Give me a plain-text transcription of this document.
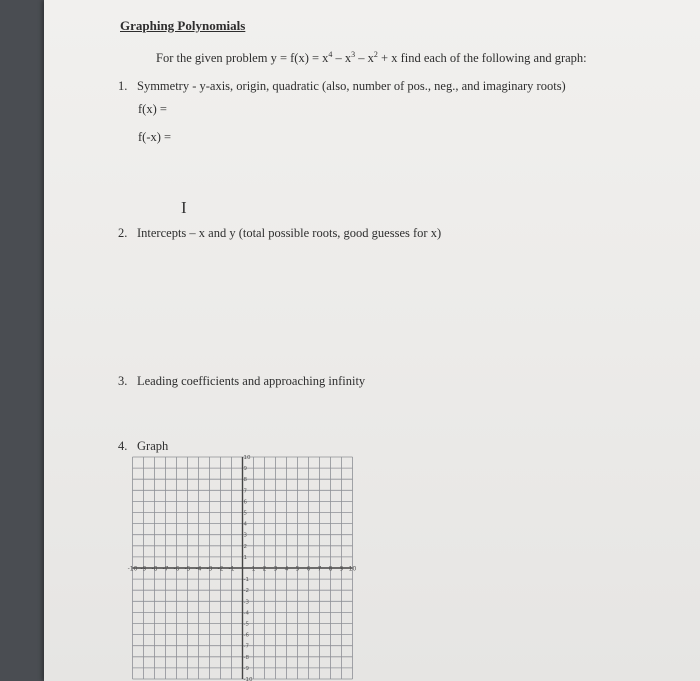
Graphing Polynomials
For the given problem $y = f(x) = x^4 - x^3 - x^2 + x$ find each of the following and graph:
1. Symmetry - y-axis, origin, quadratic (also, number of pos., neg., and imaginary roots)
f(x) =
f(-x) =
I
2. Intercepts – x and y (total possible roots, good guesses for x)
3. Leading coefficients and approaching infinity
4. Graph
-10 -9 -8 -7 -6 -5 -4 -3 -2 -1	1 2 3 4 5 6 7 8 9 10
10
9
8
7
6
5
4
3
2
1
-1
-2
-3
-4
-5
-6
-7
-8
-9
-10
